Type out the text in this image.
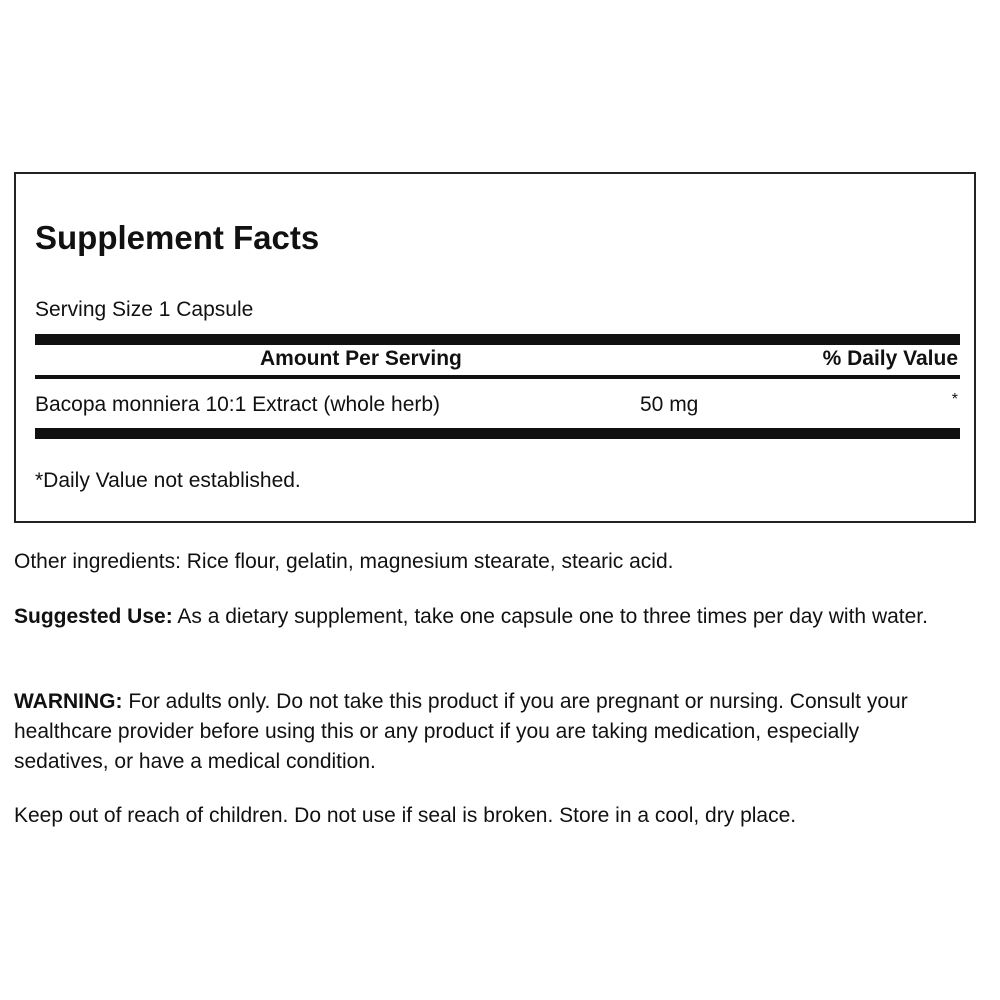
Supplement Facts
Serving Size 1 Capsule
Amount Per Serving	% Daily Value
Bacopa monniera 10:1 Extract (whole herb)	50 mg	*
*Daily Value not established.
Other ingredients: Rice flour, gelatin, magnesium stearate, stearic acid.
Suggested Use: As a dietary supplement, take one capsule one to three times per day with water.
WARNING: For adults only. Do not take this product if you are pregnant or nursing. Consult your healthcare provider before using this or any product if you are taking medication, especially sedatives, or have a medical condition.
Keep out of reach of children. Do not use if seal is broken. Store in a cool, dry place.
